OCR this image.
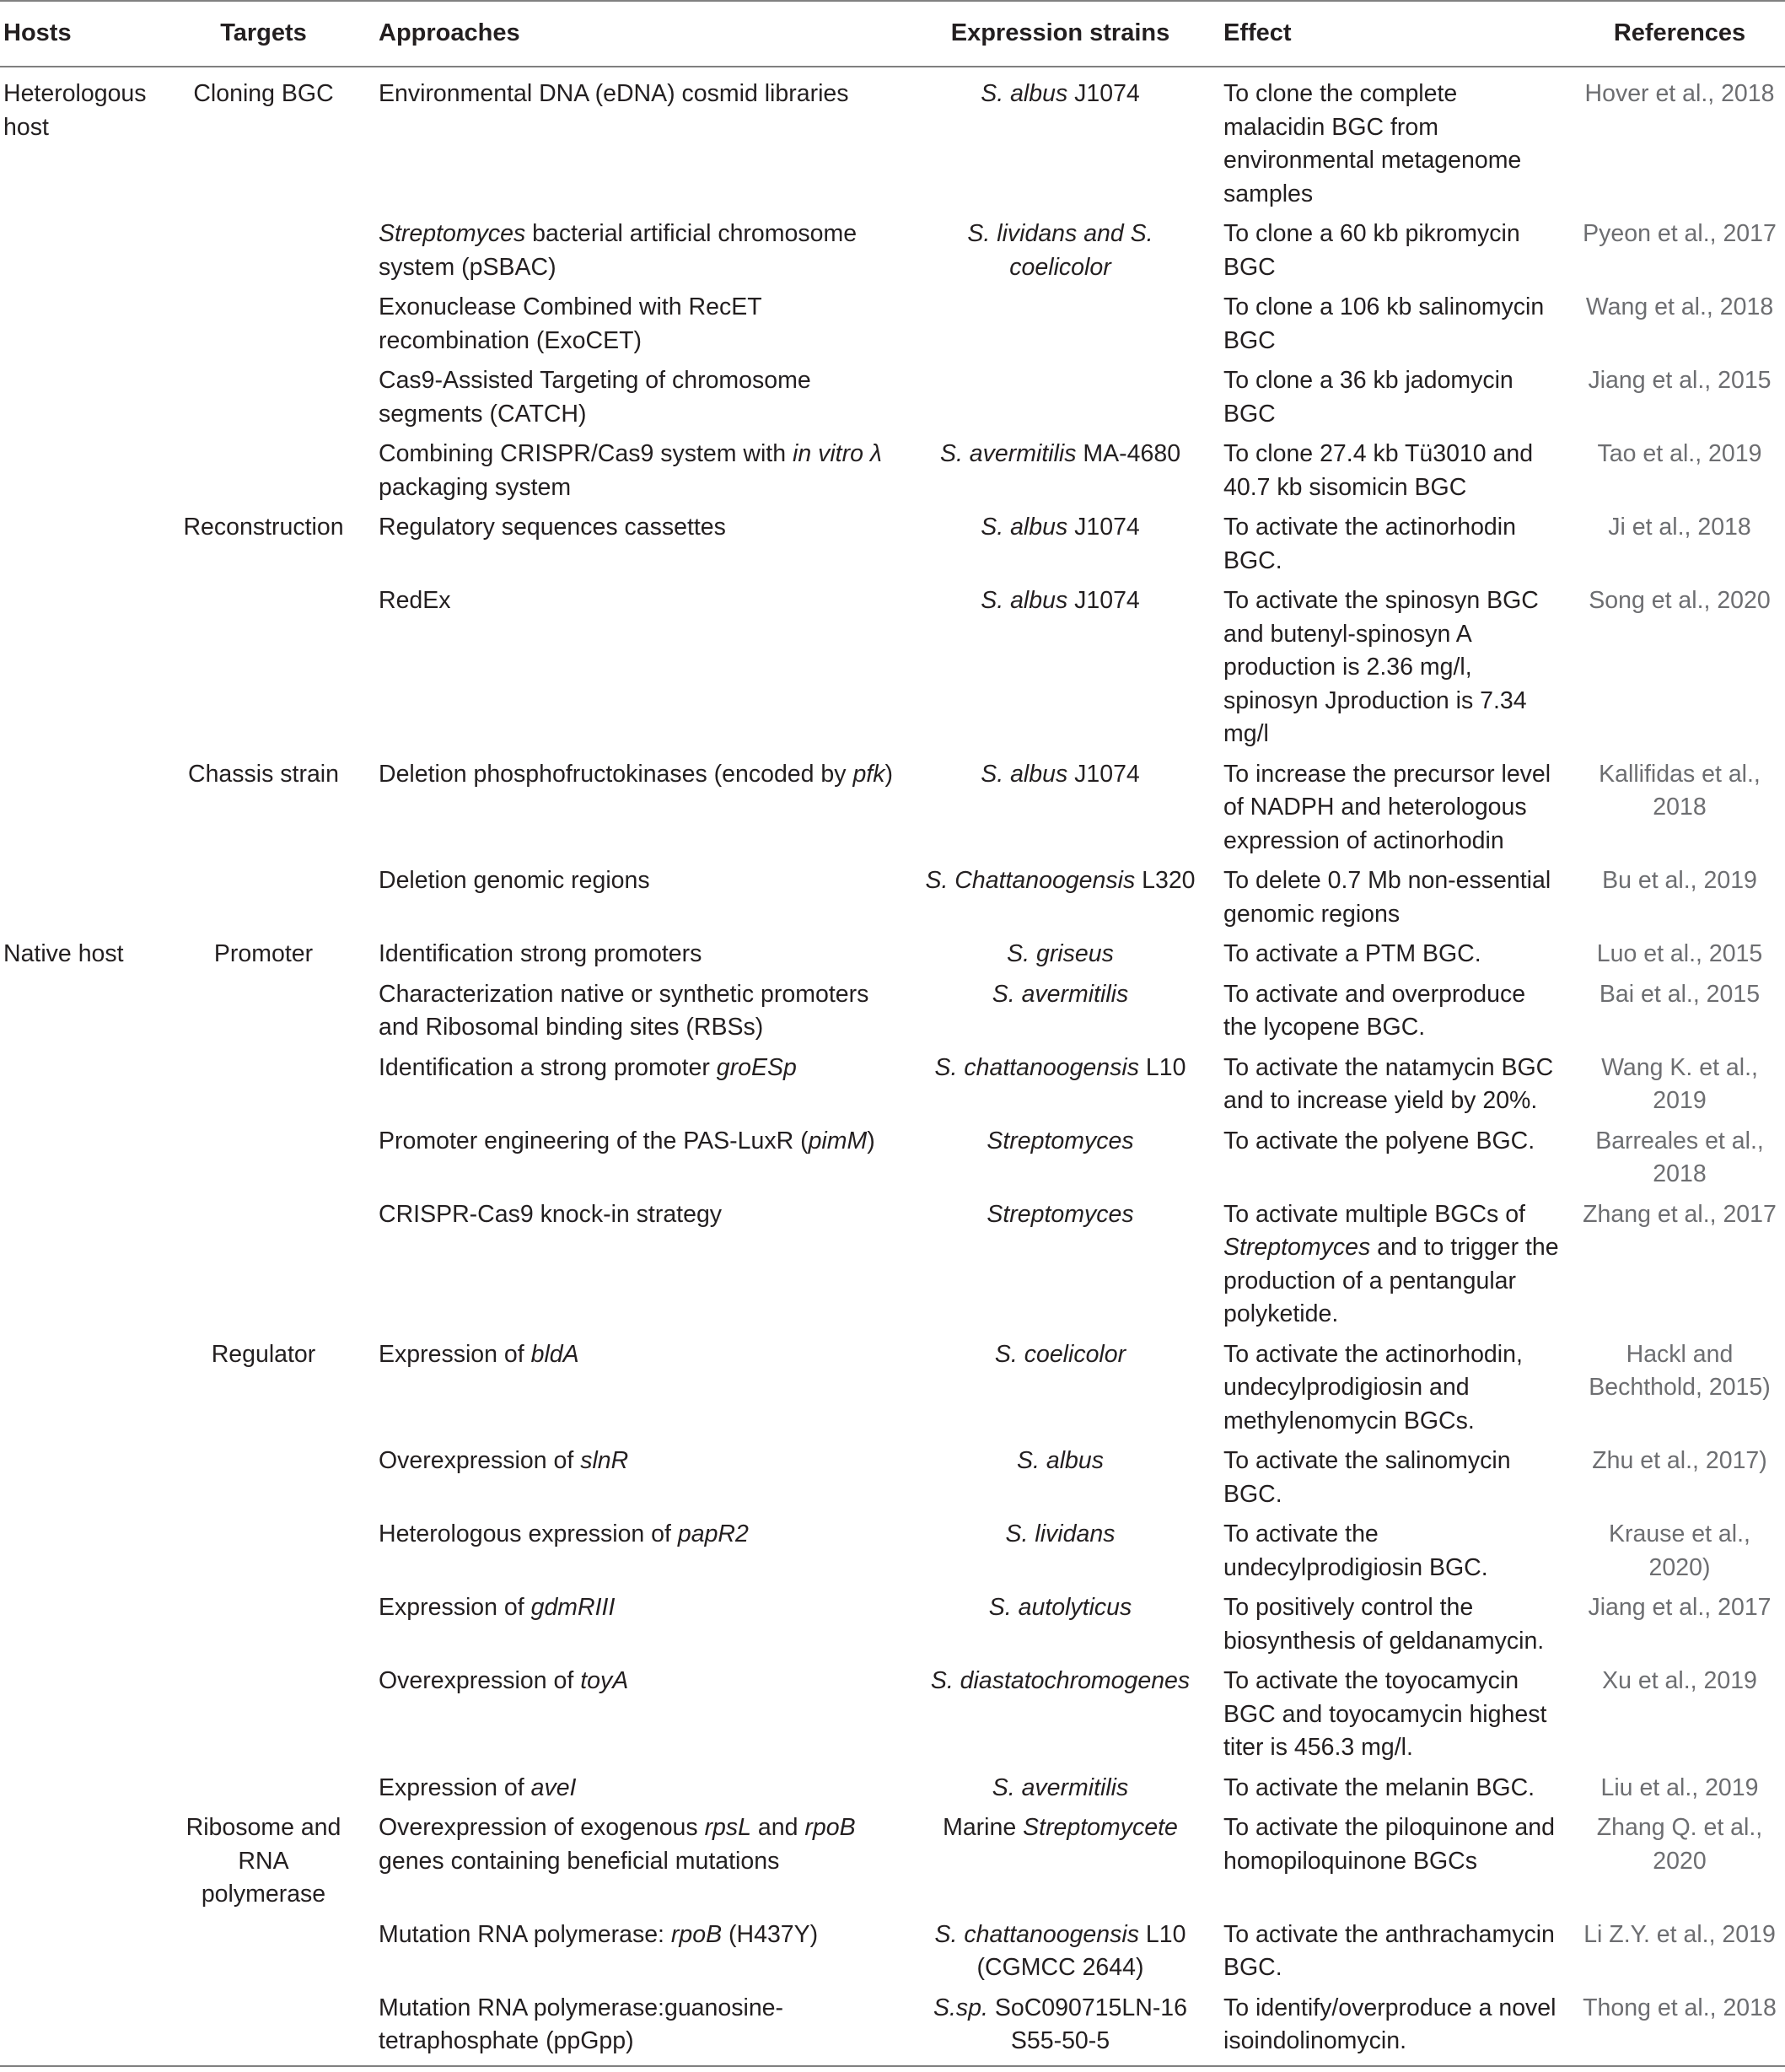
Hosts	Targets	Approaches	Expression strains	Effect	References
Heterologous host	Cloning BGC	Environmental DNA (eDNA) cosmid libraries	S. albus J1074	To clone the complete malacidin BGC from environmental metagenome samples	Hover et al., 2018
		Streptomyces bacterial artificial chromosome system (pSBAC)	S. lividans and S. coelicolor	To clone a 60 kb pikromycin BGC	Pyeon et al., 2017
		Exonuclease Combined with RecET recombination (ExoCET)		To clone a 106 kb salinomycin BGC	Wang et al., 2018
		Cas9-Assisted Targeting of chromosome segments (CATCH)		To clone a 36 kb jadomycin BGC	Jiang et al., 2015
		Combining CRISPR/Cas9 system with in vitro λ packaging system	S. avermitilis MA-4680	To clone 27.4 kb Tü3010 and 40.7 kb sisomicin BGC	Tao et al., 2019
	Reconstruction	Regulatory sequences cassettes	S. albus J1074	To activate the actinorhodin BGC.	Ji et al., 2018
		RedEx	S. albus J1074	To activate the spinosyn BGC and butenyl-spinosyn A production is 2.36 mg/l, spinosyn Jproduction is 7.34 mg/l	Song et al., 2020
	Chassis strain	Deletion phosphofructokinases (encoded by pfk)	S. albus J1074	To increase the precursor level of NADPH and heterologous expression of actinorhodin	Kallifidas et al., 2018
		Deletion genomic regions	S. Chattanoogensis L320	To delete 0.7 Mb non-essential genomic regions	Bu et al., 2019
Native host	Promoter	Identification strong promoters	S. griseus	To activate a PTM BGC.	Luo et al., 2015
		Characterization native or synthetic promoters and Ribosomal binding sites (RBSs)	S. avermitilis	To activate and overproduce the lycopene BGC.	Bai et al., 2015
		Identification a strong promoter groESp	S. chattanoogensis L10	To activate the natamycin BGC and to increase yield by 20%.	Wang K. et al., 2019
		Promoter engineering of the PAS-LuxR (pimM)	Streptomyces	To activate the polyene BGC.	Barreales et al., 2018
		CRISPR-Cas9 knock-in strategy	Streptomyces	To activate multiple BGCs of Streptomyces and to trigger the production of a pentangular polyketide.	Zhang et al., 2017
	Regulator	Expression of bldA	S. coelicolor	To activate the actinorhodin, undecylprodigiosin and methylenomycin BGCs.	Hackl and Bechthold, 2015)
		Overexpression of slnR	S. albus	To activate the salinomycin BGC.	Zhu et al., 2017)
		Heterologous expression of papR2	S. lividans	To activate the undecylprodigiosin BGC.	Krause et al., 2020)
		Expression of gdmRIII	S. autolyticus	To positively control the biosynthesis of geldanamycin.	Jiang et al., 2017
		Overexpression of toyA	S. diastatochromogenes	To activate the toyocamycin BGC and toyocamycin highest titer is 456.3 mg/l.	Xu et al., 2019
		Expression of aveI	S. avermitilis	To activate the melanin BGC.	Liu et al., 2019
	Ribosome and RNA polymerase	Overexpression of exogenous rpsL and rpoB genes containing beneficial mutations	Marine Streptomycete	To activate the piloquinone and homopiloquinone BGCs	Zhang Q. et al., 2020
		Mutation RNA polymerase: rpoB (H437Y)	S. chattanoogensis L10 (CGMCC 2644)	To activate the anthrachamycin BGC.	Li Z.Y. et al., 2019
		Mutation RNA polymerase:guanosine-tetraphosphate (ppGpp)	S.sp. SoC090715LN-16 S55-50-5	To identify/overproduce a novel isoindolinomycin.	Thong et al., 2018
